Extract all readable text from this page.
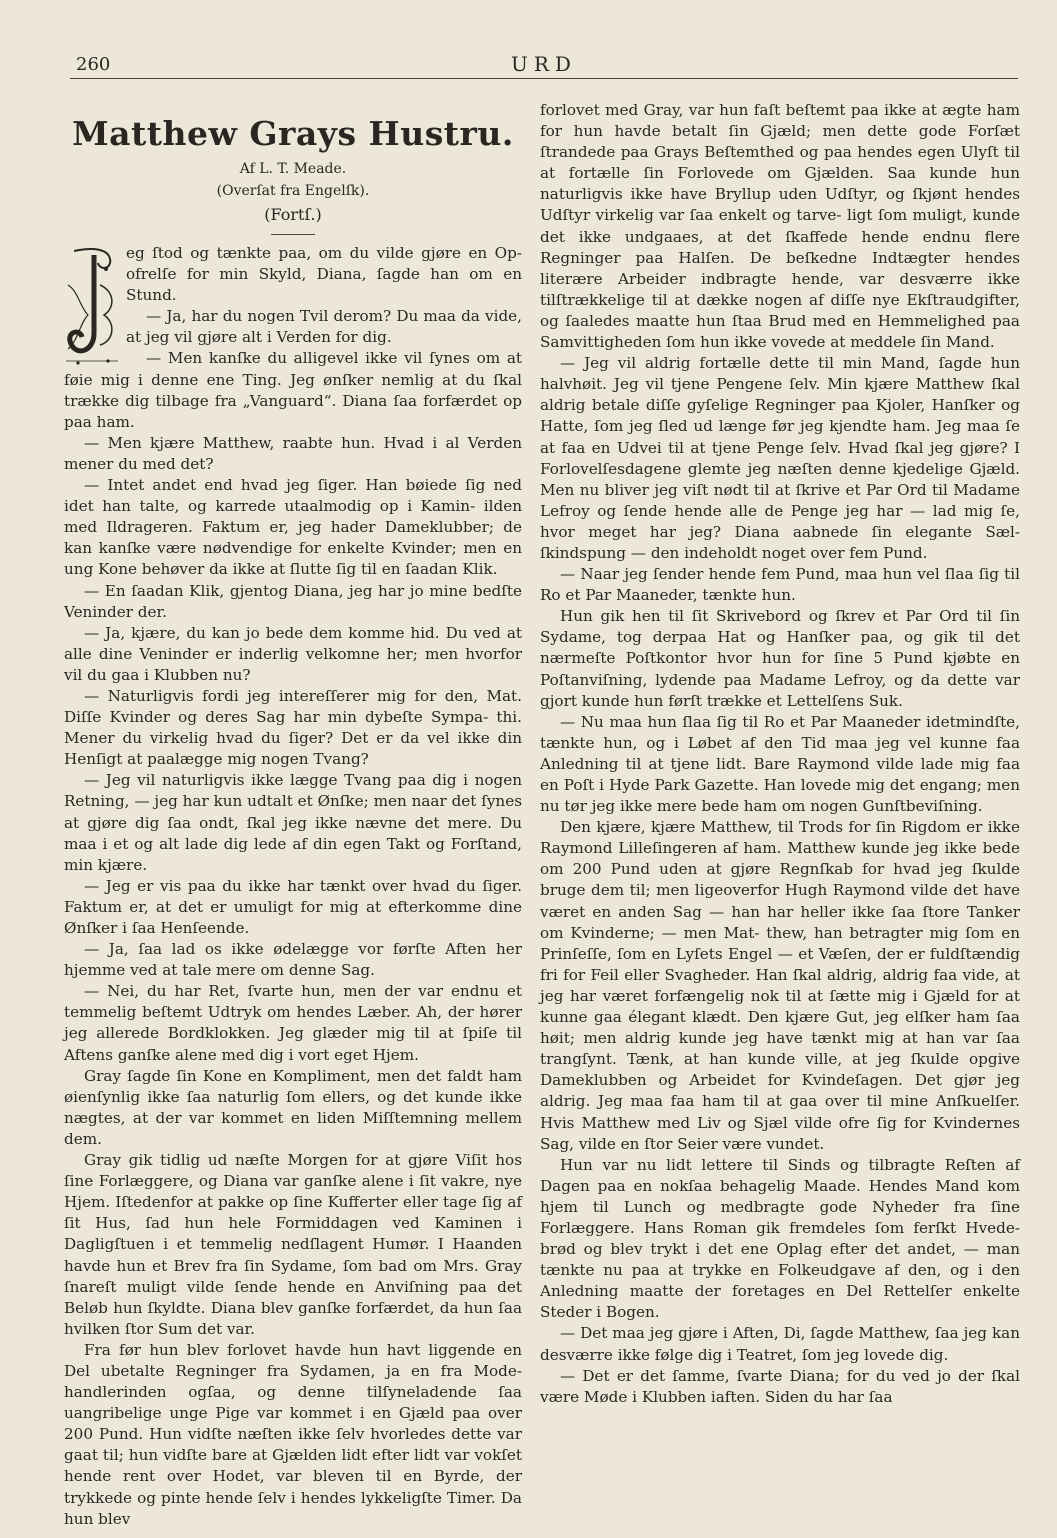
260	URD
Matthew Grays Hustru.
Af L. T. Meade.
(Overſat fra Engelſk).
(Fortſ.)

eg ſtod og tænkte paa, om du vilde gjøre en Op- ofrelſe for min Skyld, Diana, ſagde han om en Stund.

— Ja, har du nogen Tvil derom? Du maa da vide, at jeg vil gjøre alt i Verden for dig.

— Men kanſke du alligevel ikke vil ſynes om at føie mig i denne ene Ting. Jeg ønſker nemlig at du ſkal trække dig tilbage fra „Vanguard“. Diana ſaa forfærdet op paa ham.

— Men kjære Matthew, raabte hun. Hvad i al Verden mener du med det?

— Intet andet end hvad jeg ſiger. Han bøiede ſig ned idet han talte, og karrede utaalmodig op i Kamin- ilden med Ildrageren. Faktum er, jeg hader Dameklubber; de kan kanſke være nødvendige for enkelte Kvinder; men en ung Kone behøver da ikke at ſlutte ſig til en ſaadan Klik.

— En ſaadan Klik, gjentog Diana, jeg har jo mine bedſte Veninder der.

— Ja, kjære, du kan jo bede dem komme hid. Du ved at alle dine Veninder er inderlig velkomne her; men hvorfor vil du gaa i Klubben nu?

— Naturligvis fordi jeg intereſſerer mig for den, Mat. Diſſe Kvinder og deres Sag har min dybeſte Sympa- thi. Mener du virkelig hvad du ſiger? Det er da vel ikke din Henſigt at paalægge mig nogen Tvang?

— Jeg vil naturligvis ikke lægge Tvang paa dig i nogen Retning, — jeg har kun udtalt et Ønſke; men naar det ſynes at gjøre dig ſaa ondt, ſkal jeg ikke nævne det mere. Du maa i et og alt lade dig lede af din egen Takt og Forſtand, min kjære.

— Jeg er vis paa du ikke har tænkt over hvad du ſiger. Faktum er, at det er umuligt for mig at efterkomme dine Ønſker i ſaa Henſeende.

— Ja, ſaa lad os ikke ødelægge vor førſte Aften her hjemme ved at tale mere om denne Sag.

— Nei, du har Ret, ſvarte hun, men der var endnu et temmelig beſtemt Udtryk om hendes Læber. Ah, der hører jeg allerede Bordklokken. Jeg glæder mig til at ſpiſe til Aftens ganſke alene med dig i vort eget Hjem.

Gray ſagde ſin Kone en Kompliment, men det faldt ham øienſynlig ikke ſaa naturlig ſom ellers, og det kunde ikke nægtes, at der var kommet en liden Miſſtemning mellem dem.

Gray gik tidlig ud næſte Morgen for at gjøre Viſit hos ſine Forlæggere, og Diana var ganſke alene i ſit vakre, nye Hjem. Iſtedenfor at pakke op ſine Kufferter eller tage ſig af ſit Hus, ſad hun hele Formiddagen ved Kaminen i Dagligſtuen i et temmelig nedſlagent Humør. I Haanden havde hun et Brev fra ſin Sydame, ſom bad om Mrs. Gray ſnareſt muligt vilde ſende hende en Anviſning paa det Beløb hun ſkyldte. Diana blev ganſke forfærdet, da hun ſaa hvilken ſtor Sum det var.

Fra før hun blev forlovet havde hun havt liggende en Del ubetalte Regninger fra Sydamen, ja en fra Mode- handlerinden ogſaa, og denne tilſyneladende ſaa uangribelige unge Pige var kommet i en Gjæld paa over 200 Pund. Hun vidſte næſten ikke ſelv hvorledes dette var gaat til; hun vidſte bare at Gjælden lidt efter lidt var vokſet hende rent over Hodet, var bleven til en Byrde, der trykkede og pinte hende ſelv i hendes lykkeligſte Timer. Da hun blev

forlovet med Gray, var hun faſt beſtemt paa ikke at ægte ham for hun havde betalt ſin Gjæld; men dette gode Forſæt ſtrandede paa Grays Beſtemthed og paa hendes egen Ulyſt til at fortælle ſin Forlovede om Gjælden. Saa kunde hun naturligvis ikke have Bryllup uden Udſtyr, og ſkjønt hendes Udſtyr virkelig var ſaa enkelt og tarve- ligt ſom muligt, kunde det ikke undgaaes, at det ſkaffede hende endnu flere Regninger paa Halſen. De beſkedne Indtægter hendes literære Arbeider indbragte hende, var desværre ikke tilſtrækkelige til at dække nogen af diſſe nye Ekſtraudgifter, og ſaaledes maatte hun ſtaa Brud med en Hemmelighed paa Samvittigheden ſom hun ikke vovede at meddele ſin Mand.

— Jeg vil aldrig fortælle dette til min Mand, ſagde hun halvhøit. Jeg vil tjene Pengene ſelv. Min kjære Matthew ſkal aldrig betale diſſe gyſelige Regninger paa Kjoler, Hanſker og Hatte, ſom jeg ſled ud længe før jeg kjendte ham. Jeg maa ſe at faa en Udvei til at tjene Penge ſelv. Hvad ſkal jeg gjøre? I Forlovelſesdagene glemte jeg næſten denne kjedelige Gjæld. Men nu bliver jeg viſt nødt til at ſkrive et Par Ord til Madame Lefroy og ſende hende alle de Penge jeg har — lad mig ſe, hvor meget har jeg? Diana aabnede ſin elegante Sæl- ſkindspung — den indeholdt noget over fem Pund.

— Naar jeg ſender hende fem Pund, maa hun vel ſlaa ſig til Ro et Par Maaneder, tænkte hun.

Hun gik hen til ſit Skrivebord og ſkrev et Par Ord til ſin Sydame, tog derpaa Hat og Hanſker paa, og gik til det nærmeſte Poſtkontor hvor hun for ſine 5 Pund kjøbte en Poſtanviſning, lydende paa Madame Lefroy, og da dette var gjort kunde hun førſt trække et Lettelſens Suk.

— Nu maa hun ſlaa ſig til Ro et Par Maaneder idetmindſte, tænkte hun, og i Løbet af den Tid maa jeg vel kunne faa Anledning til at tjene lidt. Bare Raymond vilde lade mig faa en Poſt i Hyde Park Gazette. Han lovede mig det engang; men nu tør jeg ikke mere bede ham om nogen Gunſtbeviſning.

Den kjære, kjære Matthew, til Trods for ſin Rigdom er ikke Raymond Lilleſingeren af ham. Matthew kunde jeg ikke bede om 200 Pund uden at gjøre Regnſkab for hvad jeg ſkulde bruge dem til; men ligeoverfor Hugh Raymond vilde det have været en anden Sag — han har heller ikke ſaa ſtore Tanker om Kvinderne; — men Mat- thew, han betragter mig ſom en Prinſeſſe, ſom en Lyſets Engel — et Væſen, der er fuldſtændig fri for Feil eller Svagheder. Han ſkal aldrig, aldrig faa vide, at jeg har været forfængelig nok til at ſætte mig i Gjæld for at kunne gaa élegant klædt. Den kjære Gut, jeg elſker ham ſaa høit; men aldrig kunde jeg have tænkt mig at han var ſaa trangſynt. Tænk, at han kunde ville, at jeg ſkulde opgive Dameklubben og Arbeidet for Kvindeſagen. Det gjør jeg aldrig. Jeg maa faa ham til at gaa over til mine Anſkuelſer. Hvis Matthew med Liv og Sjæl vilde ofre ſig for Kvindernes Sag, vilde en ſtor Seier være vundet.

Hun var nu lidt lettere til Sinds og tilbragte Reſten af Dagen paa en nokſaa behagelig Maade. Hendes Mand kom hjem til Lunch og medbragte gode Nyheder fra ſine Forlæggere. Hans Roman gik fremdeles ſom ferſkt Hvede- brød og blev trykt i det ene Oplag efter det andet, — man tænkte nu paa at trykke en Folkeudgave af den, og i den Anledning maatte der foretages en Del Rettelſer enkelte Steder i Bogen.

— Det maa jeg gjøre i Aften, Di, ſagde Matthew, ſaa jeg kan desværre ikke følge dig i Teatret, ſom jeg lovede dig.

— Det er det ſamme, ſvarte Diana; for du ved jo der ſkal være Møde i Klubben iaften. Siden du har ſaa
